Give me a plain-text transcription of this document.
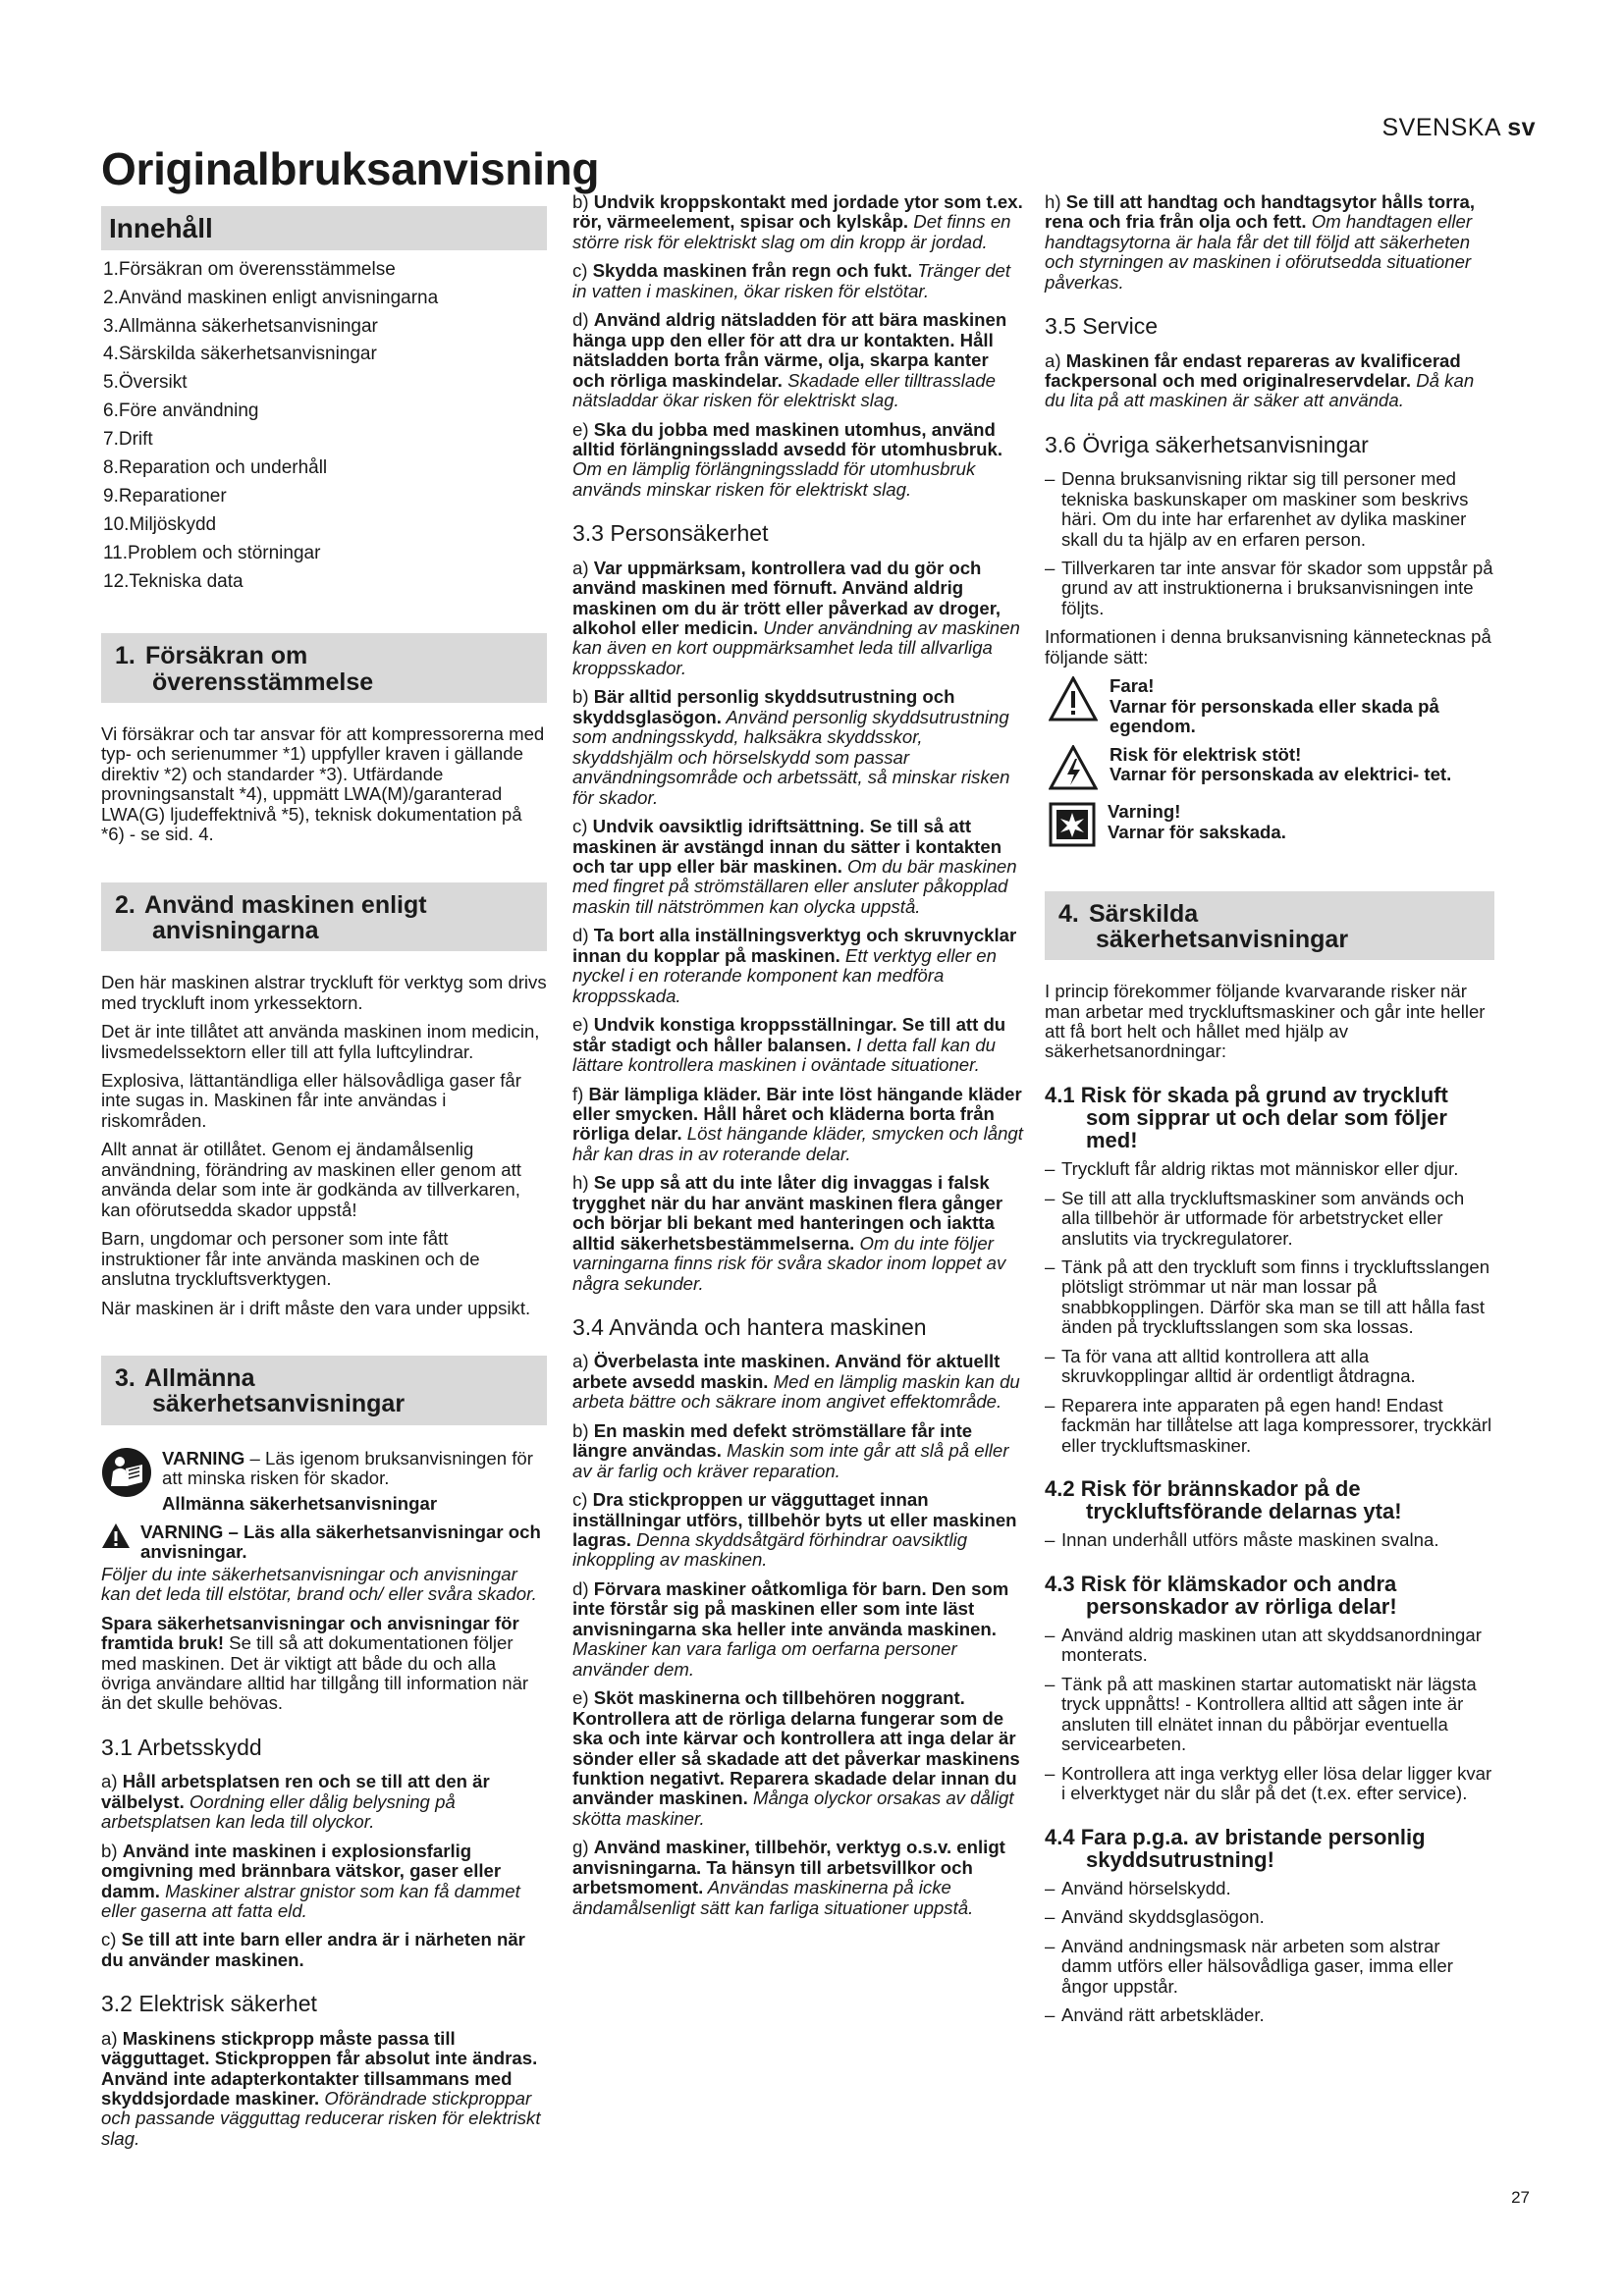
SVENSKA sv
Originalbruksanvisning
Innehåll
1.Försäkran om överensstämmelse
2.Använd maskinen enligt anvisningarna
3.Allmänna säkerhetsanvisningar
4.Särskilda säkerhetsanvisningar
5.Översikt
6.Före användning
7.Drift
8.Reparation och underhåll
9.Reparationer
10.Miljöskydd
11.Problem och störningar
12.Tekniska data
1. Försäkran om
överensstämmelse

Vi försäkrar och tar ansvar för att kompressorerna med typ- och serienummer *1) uppfyller kraven i gällande direktiv *2) och standarder *3). Utfärdande provningsanstalt *4), uppmätt LWA(M)/garanterad LWA(G) ljudeffektnivå *5), teknisk dokumentation på *6) - se sid. 4.

2. Använd maskinen enligt
anvisningarna

Den här maskinen alstrar tryckluft för verktyg som drivs med tryckluft inom yrkessektorn.

Det är inte tillåtet att använda maskinen inom medicin, livsmedelssektorn eller till att fylla luftcylindrar.

Explosiva, lättantändliga eller hälsovådliga gaser får inte sugas in. Maskinen får inte användas i riskområden.

Allt annat är otillåtet. Genom ej ändamålsenlig användning, förändring av maskinen eller genom att använda delar som inte är godkända av tillverkaren, kan oförutsedda skador uppstå!

Barn, ungdomar och personer som inte fått instruktioner får inte använda maskinen och de anslutna tryckluftsverktygen.

När maskinen är i drift måste den vara under uppsikt.

3. Allmänna
säkerhetsanvisningar

VARNING – Läs igenom bruksanvisningen för att minska risken för skador.

Allmänna säkerhetsanvisningar

VARNING – Läs alla säkerhetsanvisningar och anvisningar.

Följer du inte säkerhetsanvisningar och anvisningar kan det leda till elstötar, brand och/ eller svåra skador.

Spara säkerhetsanvisningar och anvisningar för framtida bruk! Se till så att dokumentationen följer med maskinen. Det är viktigt att både du och alla övriga användare alltid har tillgång till information när än det skulle behövas.

3.1 Arbetsskydd

a) Håll arbetsplatsen ren och se till att den är välbelyst. Oordning eller dålig belysning på arbetsplatsen kan leda till olyckor.

b) Använd inte maskinen i explosionsfarlig omgivning med brännbara vätskor, gaser eller damm. Maskiner alstrar gnistor som kan få dammet eller gaserna att fatta eld.

c) Se till att inte barn eller andra är i närheten när du använder maskinen.

3.2 Elektrisk säkerhet

a) Maskinens stickpropp måste passa till vägguttaget. Stickproppen får absolut inte ändras. Använd inte adapterkontakter tillsammans med skyddsjordade maskiner. Oförändrade stickproppar och passande vägguttag reducerar risken för elektriskt slag.

b) Undvik kroppskontakt med jordade ytor som t.ex. rör, värmeelement, spisar och kylskåp. Det finns en större risk för elektriskt slag om din kropp är jordad.

c) Skydda maskinen från regn och fukt. Tränger det in vatten i maskinen, ökar risken för elstötar.

d) Använd aldrig nätsladden för att bära maskinen hänga upp den eller för att dra ur kontakten. Håll nätsladden borta från värme, olja, skarpa kanter och rörliga maskindelar. Skadade eller tilltrasslade nätsladdar ökar risken för elektriskt slag.

e) Ska du jobba med maskinen utomhus, använd alltid förlängningssladd avsedd för utomhusbruk. Om en lämplig förlängningssladd för utomhusbruk används minskar risken för elektriskt slag.

3.3 Personsäkerhet

a) Var uppmärksam, kontrollera vad du gör och använd maskinen med förnuft. Använd aldrig maskinen om du är trött eller påverkad av droger, alkohol eller medicin. Under användning av maskinen kan även en kort ouppmärksamhet leda till allvarliga kroppsskador.

b) Bär alltid personlig skyddsutrustning och skyddsglasögon. Använd personlig skyddsutrustning som andningsskydd, halksäkra skyddsskor, skyddshjälm och hörselskydd som passar användningsområde och arbetssätt, så minskar risken för skador.

c) Undvik oavsiktlig idriftsättning. Se till så att maskinen är avstängd innan du sätter i kontakten och tar upp eller bär maskinen. Om du bär maskinen med fingret på strömställaren eller ansluter påkopplad maskin till nätströmmen kan olycka uppstå.

d) Ta bort alla inställningsverktyg och skruvnycklar innan du kopplar på maskinen. Ett verktyg eller en nyckel i en roterande komponent kan medföra kroppsskada.

e) Undvik konstiga kroppsställningar. Se till att du står stadigt och håller balansen. I detta fall kan du lättare kontrollera maskinen i oväntade situationer.

f) Bär lämpliga kläder. Bär inte löst hängande kläder eller smycken. Håll håret och kläderna borta från rörliga delar. Löst hängande kläder, smycken och långt hår kan dras in av roterande delar.

h) Se upp så att du inte låter dig invaggas i falsk trygghet när du har använt maskinen flera gånger och börjar bli bekant med hanteringen och iaktta alltid säkerhetsbestämmelserna. Om du inte följer varningarna finns risk för svåra skador inom loppet av några sekunder.

3.4 Använda och hantera maskinen

a) Överbelasta inte maskinen. Använd för aktuellt arbete avsedd maskin. Med en lämplig maskin kan du arbeta bättre och säkrare inom angivet effektområde.

b) En maskin med defekt strömställare får inte längre användas. Maskin som inte går att slå på eller av är farlig och kräver reparation.

c) Dra stickproppen ur vägguttaget innan inställningar utförs, tillbehör byts ut eller maskinen lagras. Denna skyddsåtgärd förhindrar oavsiktlig inkoppling av maskinen.

d) Förvara maskiner oåtkomliga för barn. Den som inte förstår sig på maskinen eller som inte läst anvisningarna ska heller inte använda maskinen. Maskiner kan vara farliga om oerfarna personer använder dem.

e) Sköt maskinerna och tillbehören noggrant. Kontrollera att de rörliga delarna fungerar som de ska och inte kärvar och kontrollera att inga delar är sönder eller så skadade att det påverkar maskinens funktion negativt. Reparera skadade delar innan du använder maskinen. Många olyckor orsakas av dåligt skötta maskiner.

g) Använd maskiner, tillbehör, verktyg o.s.v. enligt anvisningarna. Ta hänsyn till arbetsvillkor och arbetsmoment. Användas maskinerna på icke ändamålsenligt sätt kan farliga situationer uppstå.

h) Se till att handtag och handtagsytor hålls torra, rena och fria från olja och fett. Om handtagen eller handtagsytorna är hala får det till följd att säkerheten och styrningen av maskinen i oförutsedda situationer påverkas.

3.5 Service

a) Maskinen får endast repareras av kvalificerad fackpersonal och med originalreservdelar. Då kan du lita på att maskinen är säker att använda.

3.6 Övriga säkerhetsanvisningar
– Denna bruksanvisning riktar sig till personer med tekniska baskunskaper om maskiner som beskrivs häri. Om du inte har erfarenhet av dylika maskiner skall du ta hjälp av en erfaren person.
– Tillverkaren tar inte ansvar för skador som uppstår på grund av att instruktionerna i bruksanvisningen inte följts.

Informationen i denna bruksanvisning kännetecknas på följande sätt:

Fara!
Varnar för personskada eller skada på egendom.
Risk för elektrisk stöt!
Varnar för personskada av elektrici- tet.
Varning!
Varnar för sakskada.
4. Särskilda
säkerhetsanvisningar

I princip förekommer följande kvarvarande risker när man arbetar med tryckluftsmaskiner och går inte heller att få bort helt och hållet med hjälp av säkerhetsanordningar:

4.1 Risk för skada på grund av tryckluft
som sipprar ut och delar som följer med!
– Tryckluft får aldrig riktas mot människor eller djur.
– Se till att alla tryckluftsmaskiner som används och alla tillbehör är utformade för arbetstrycket eller anslutits via tryckregulatorer.
– Tänk på att den tryckluft som finns i tryckluftsslangen plötsligt strömmar ut när man lossar på snabbkopplingen. Därför ska man se till att hålla fast änden på tryckluftsslangen som ska lossas.
– Ta för vana att alltid kontrollera att alla skruvkopplingar alltid är ordentligt åtdragna.
– Reparera inte apparaten på egen hand! Endast fackmän har tillåtelse att laga kompressorer, tryckkärl eller tryckluftsmaskiner.
4.2 Risk för brännskador på de
tryckluftsförande delarnas yta!
– Innan underhåll utförs måste maskinen svalna.
4.3 Risk för klämskador och andra
personskador av rörliga delar!
– Använd aldrig maskinen utan att skyddsanordningar monterats.
– Tänk på att maskinen startar automatiskt när lägsta tryck uppnåtts! - Kontrollera alltid att sågen inte är ansluten till elnätet innan du påbörjar eventuella servicearbeten.
– Kontrollera att inga verktyg eller lösa delar ligger kvar i elverktyget när du slår på det (t.ex. efter service).
4.4 Fara p.g.a. av bristande personlig
skyddsutrustning!
– Använd hörselskydd.
– Använd skyddsglasögon.
– Använd andningsmask när arbeten som alstrar damm utförs eller hälsovådliga gaser, imma eller ångor uppstår.
– Använd rätt arbetskläder.
27
